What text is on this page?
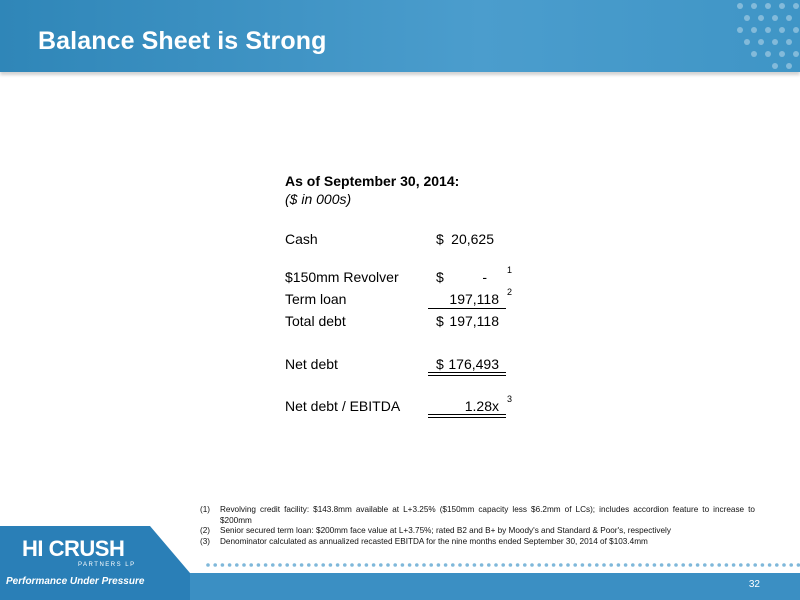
Balance Sheet is Strong
As of September 30, 2014:
($ in 000s)
Cash	$ 20,625
$150mm Revolver	$	- 1
Term loan	197,118 2
Total debt	$ 197,118
Net debt	$ 176,493
Net debt / EBITDA	1.28x 3
(1) Revolving credit facility: $143.8mm available at L+3.25% ($150mm capacity less $6.2mm of LCs); includes accordion feature to increase to $200mm
(2) Senior secured term loan: $200mm face value at L+3.75%; rated B2 and B+ by Moody's and Standard & Poor's, respectively
(3) Denominator calculated as annualized recasted EBITDA for the nine months ended September 30, 2014 of $103.4mm
32
HI CRUSH
PARTNERS LP
Performance Under Pressure
